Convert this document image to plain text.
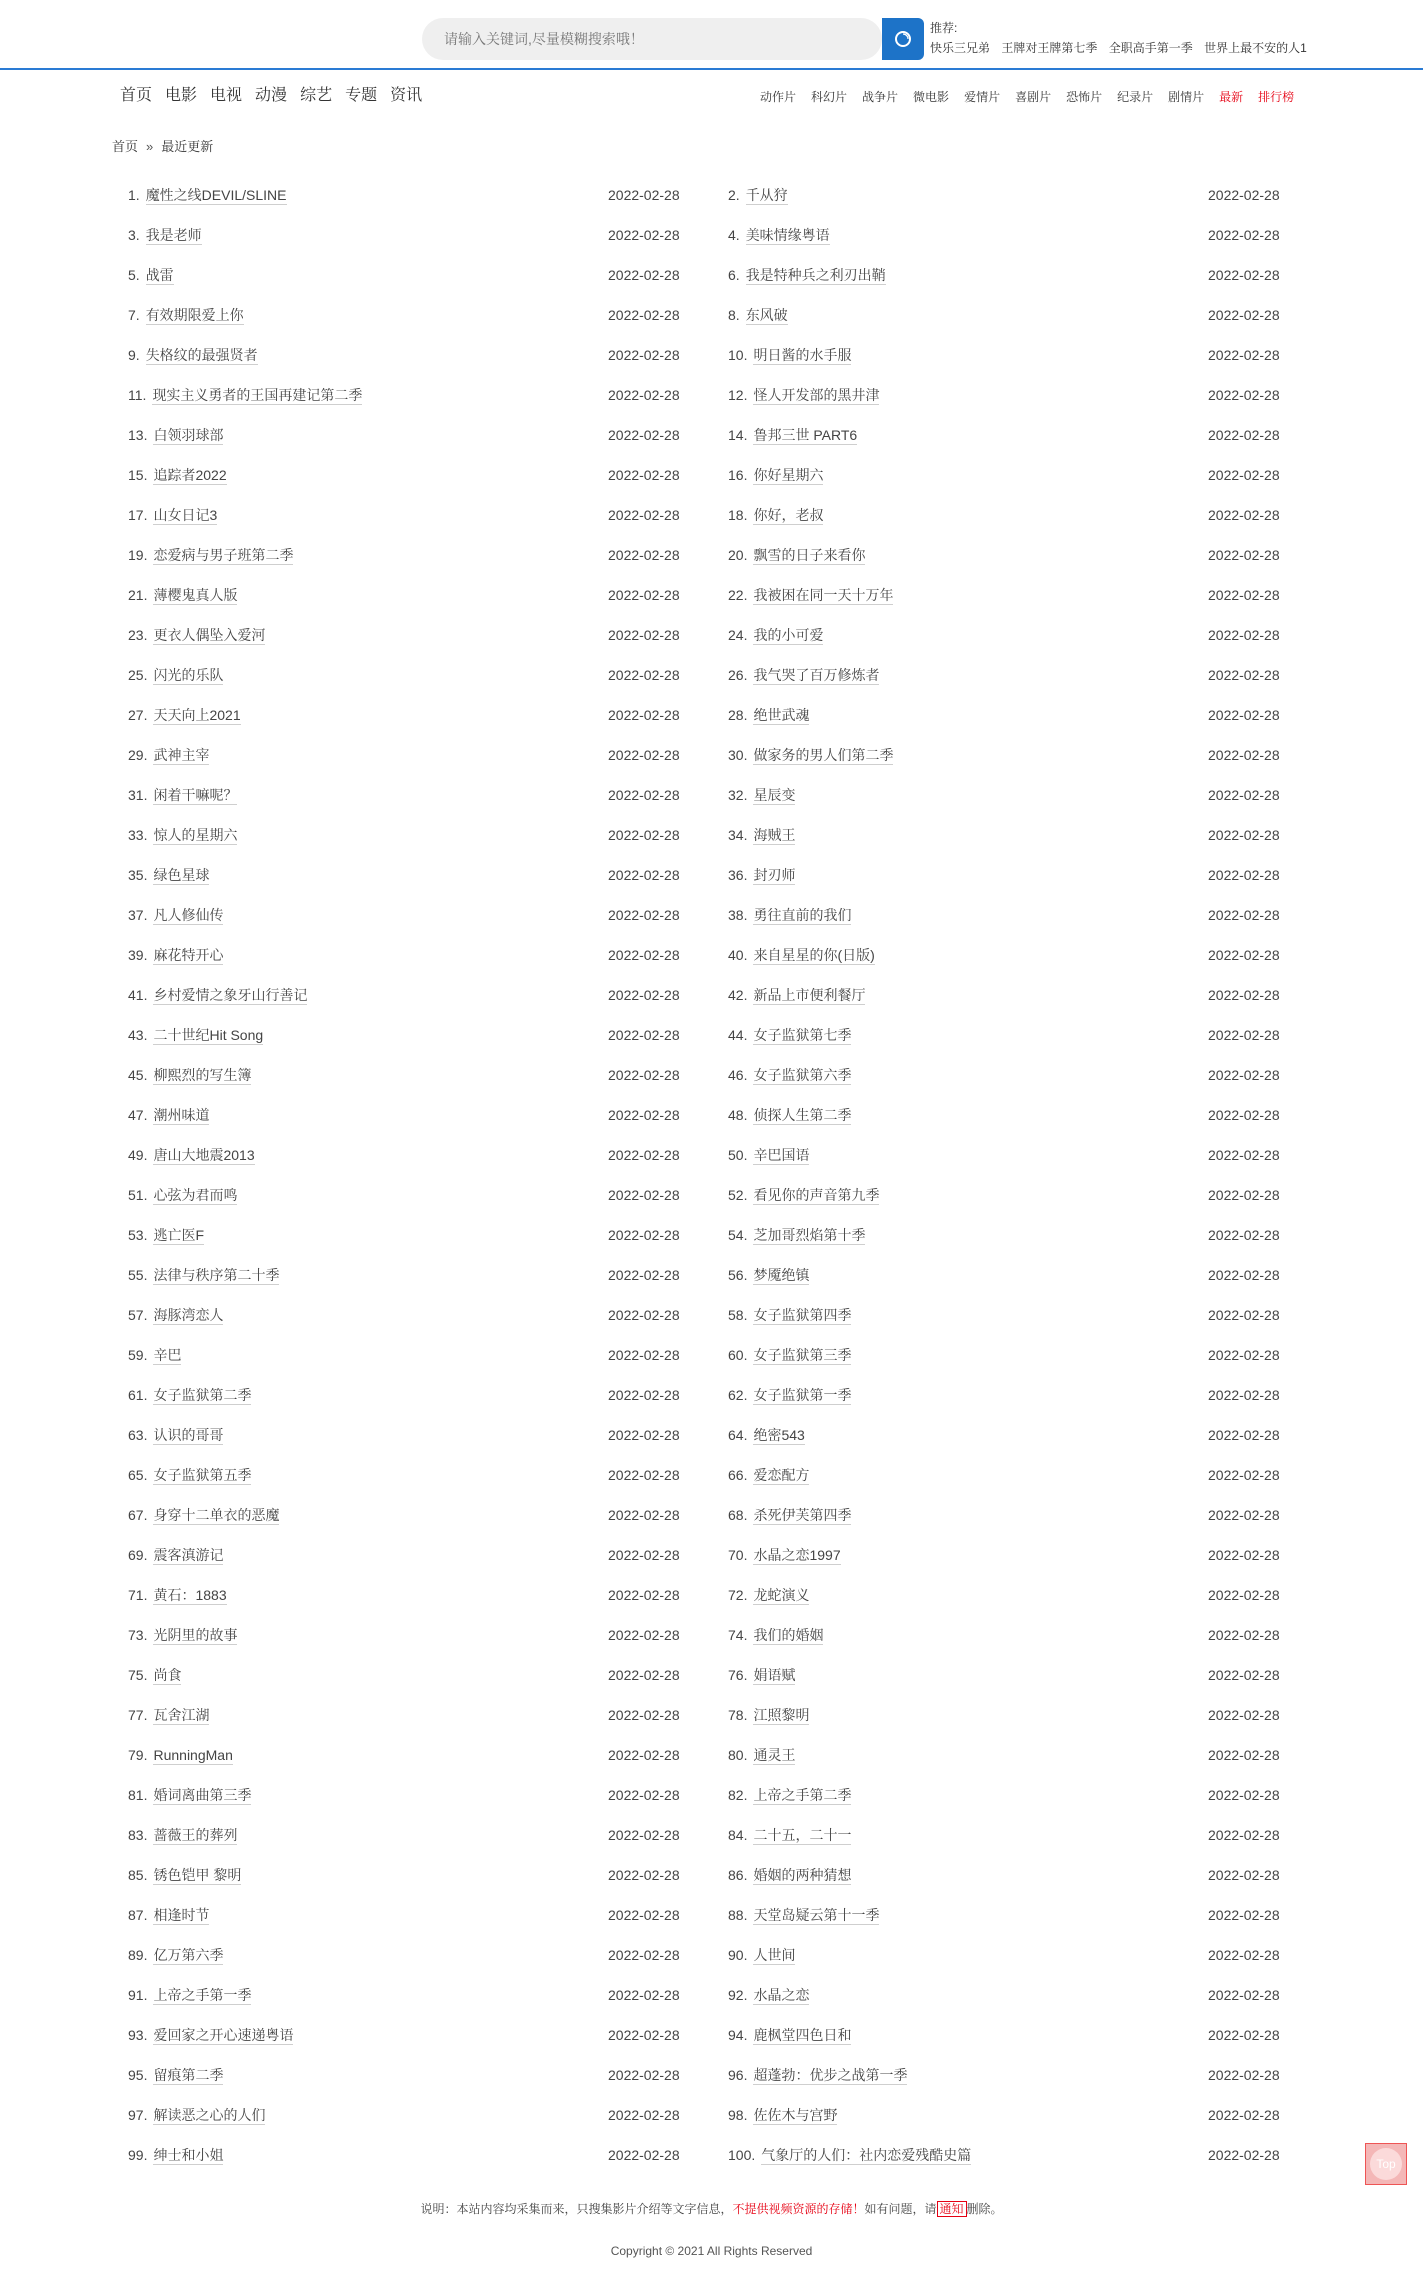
请输入关键词,尽量模糊搜索哦！
推荐:
快乐三兄弟 王牌对王牌第七季 全职高手第一季 世界上最不安的人1
首页 电影 电视 动漫 综艺 专题 资讯	动作片 科幻片 战争片 微电影 爱情片 喜剧片 恐怖片 纪录片 剧情片 最新 排行榜
首页 » 最近更新
1. 魔性之线DEVIL/SLINE	2022-02-28	2. 千从狩	2022-02-28
3. 我是老师	2022-02-28	4. 美味情缘粤语	2022-02-28
5. 战雷	2022-02-28	6. 我是特种兵之利刃出鞘	2022-02-28
7. 有效期限爱上你	2022-02-28	8. 东风破	2022-02-28
9. 失格纹的最强贤者	2022-02-28	10. 明日酱的水手服	2022-02-28
11. 现实主义勇者的王国再建记第二季	2022-02-28	12. 怪人开发部的黑井津	2022-02-28
13. 白领羽球部	2022-02-28	14. 鲁邦三世 PART6	2022-02-28
15. 追踪者2022	2022-02-28	16. 你好星期六	2022-02-28
17. 山女日记3	2022-02-28	18. 你好，老叔	2022-02-28
19. 恋爱病与男子班第二季	2022-02-28	20. 飘雪的日子来看你	2022-02-28
21. 薄樱鬼真人版	2022-02-28	22. 我被困在同一天十万年	2022-02-28
23. 更衣人偶坠入爱河	2022-02-28	24. 我的小可爱	2022-02-28
25. 闪光的乐队	2022-02-28	26. 我气哭了百万修炼者	2022-02-28
27. 天天向上2021	2022-02-28	28. 绝世武魂	2022-02-28
29. 武神主宰	2022-02-28	30. 做家务的男人们第二季	2022-02-28
31. 闲着干嘛呢？	2022-02-28	32. 星辰变	2022-02-28
33. 惊人的星期六	2022-02-28	34. 海贼王	2022-02-28
35. 绿色星球	2022-02-28	36. 封刃师	2022-02-28
37. 凡人修仙传	2022-02-28	38. 勇往直前的我们	2022-02-28
39. 麻花特开心	2022-02-28	40. 来自星星的你(日版)	2022-02-28
41. 乡村爱情之象牙山行善记	2022-02-28	42. 新品上市便利餐厅	2022-02-28
43. 二十世纪Hit Song	2022-02-28	44. 女子监狱第七季	2022-02-28
45. 柳熙烈的写生簿	2022-02-28	46. 女子监狱第六季	2022-02-28
47. 潮州味道	2022-02-28	48. 侦探人生第二季	2022-02-28
49. 唐山大地震2013	2022-02-28	50. 辛巴国语	2022-02-28
51. 心弦为君而鸣	2022-02-28	52. 看见你的声音第九季	2022-02-28
53. 逃亡医F	2022-02-28	54. 芝加哥烈焰第十季	2022-02-28
55. 法律与秩序第二十季	2022-02-28	56. 梦魇绝镇	2022-02-28
57. 海豚湾恋人	2022-02-28	58. 女子监狱第四季	2022-02-28
59. 辛巴	2022-02-28	60. 女子监狱第三季	2022-02-28
61. 女子监狱第二季	2022-02-28	62. 女子监狱第一季	2022-02-28
63. 认识的哥哥	2022-02-28	64. 绝密543	2022-02-28
65. 女子监狱第五季	2022-02-28	66. 爱恋配方	2022-02-28
67. 身穿十二单衣的恶魔	2022-02-28	68. 杀死伊芙第四季	2022-02-28
69. 震客滇游记	2022-02-28	70. 水晶之恋1997	2022-02-28
71. 黄石：1883	2022-02-28	72. 龙蛇演义	2022-02-28
73. 光阴里的故事	2022-02-28	74. 我们的婚姻	2022-02-28
75. 尚食	2022-02-28	76. 娟语赋	2022-02-28
77. 瓦舍江湖	2022-02-28	78. 江照黎明	2022-02-28
79. RunningMan	2022-02-28	80. 通灵王	2022-02-28
81. 婚词离曲第三季	2022-02-28	82. 上帝之手第二季	2022-02-28
83. 蔷薇王的葬列	2022-02-28	84. 二十五，二十一	2022-02-28
85. 锈色铠甲 黎明	2022-02-28	86. 婚姻的两种猜想	2022-02-28
87. 相逢时节	2022-02-28	88. 天堂岛疑云第十一季	2022-02-28
89. 亿万第六季	2022-02-28	90. 人世间	2022-02-28
91. 上帝之手第一季	2022-02-28	92. 水晶之恋	2022-02-28
93. 爱回家之开心速递粤语	2022-02-28	94. 鹿枫堂四色日和	2022-02-28
95. 留痕第二季	2022-02-28	96. 超蓬勃：优步之战第一季	2022-02-28
97. 解读恶之心的人们	2022-02-28	98. 佐佐木与宫野	2022-02-28
99. 绅士和小姐	2022-02-28	100. 气象厅的人们：社内恋爱残酷史篇	2022-02-28
Top
说明：本站内容均采集而来，只搜集影片介绍等文字信息，不提供视频资源的存储！如有问题，请 通知 删除。
Copyright © 2021 All Rights Reserved
